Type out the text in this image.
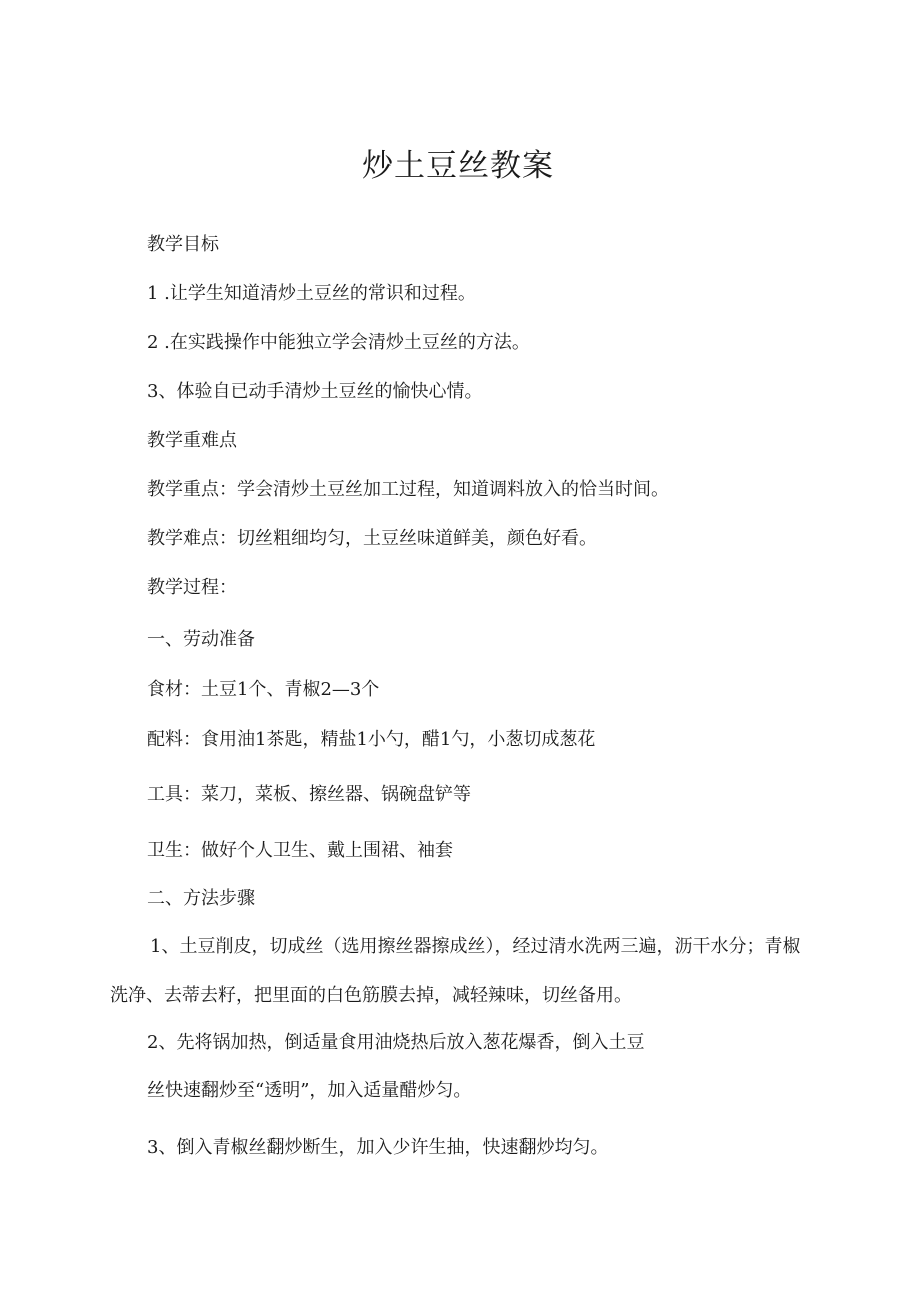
炒土豆丝教案
教学目标
1 .让学生知道清炒土豆丝的常识和过程。
2 .在实践操作中能独立学会清炒土豆丝的方法。
3、体验自已动手清炒土豆丝的愉快心情。
教学重难点
教学重点：学会清炒土豆丝加工过程，知道调料放入的恰当时间。
教学难点：切丝粗细均匀，土豆丝味道鲜美，颜色好看。
教学过程：
一、劳动准备
食材：土豆1个、青椒2—3个
配料：食用油1茶匙，精盐1小勺，醋1勺，小葱切成葱花
工具：菜刀，菜板、擦丝器、锅碗盘铲等
卫生：做好个人卫生、戴上围裙、袖套
二、方法步骤

1、土豆削皮，切成丝（选用擦丝器擦成丝），经过清水洗两三遍，沥干水分；青椒洗净、去蒂去籽，把里面的白色筋膜去掉，减轻辣味，切丝备用。

2、先将锅加热，倒适量食用油烧热后放入葱花爆香，倒入土豆
丝快速翻炒至“透明”，加入适量醋炒匀。
3、倒入青椒丝翻炒断生，加入少许生抽，快速翻炒均匀。
